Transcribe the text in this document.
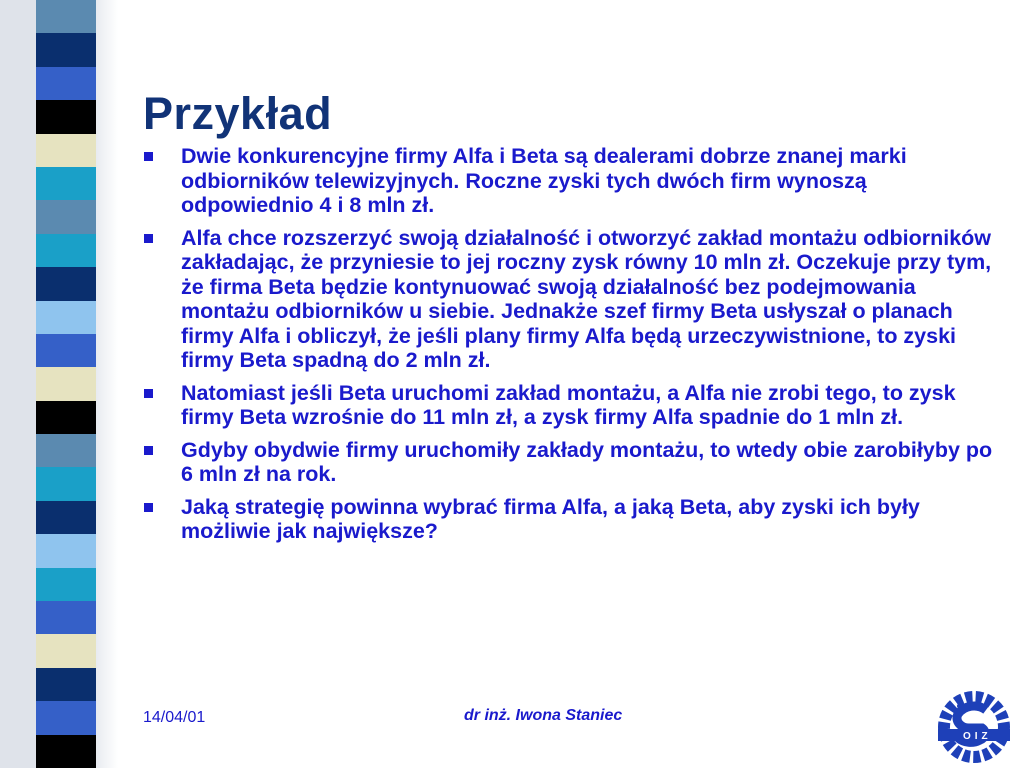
Przykład
Dwie konkurencyjne firmy Alfa i Beta są dealerami dobrze znanej marki odbiorników telewizyjnych. Roczne zyski tych dwóch firm wynoszą odpowiednio 4 i 8 mln zł.
Alfa chce rozszerzyć swoją działalność i otworzyć zakład montażu odbiorników zakładając, że przyniesie to jej roczny zysk równy 10 mln zł. Oczekuje przy tym, że firma Beta będzie kontynuować swoją działalność bez podejmowania montażu odbiorników u siebie. Jednakże szef firmy Beta usłyszał o planach firmy Alfa i obliczył, że jeśli plany firmy Alfa będą urzeczywistnione, to zyski firmy Beta spadną do 2 mln zł.
Natomiast jeśli Beta uruchomi zakład montażu, a Alfa nie zrobi tego, to zysk firmy Beta wzrośnie do 11 mln zł, a zysk firmy Alfa spadnie do 1 mln zł.
Gdyby obydwie firmy uruchomiły zakłady montażu, to wtedy obie zarobiłyby po 6 mln zł na rok.
Jaką strategię powinna wybrać firma Alfa, a jaką Beta, aby zyski ich były możliwie jak największe?
14/04/01	dr inż. Iwona Staniec
OIZ
